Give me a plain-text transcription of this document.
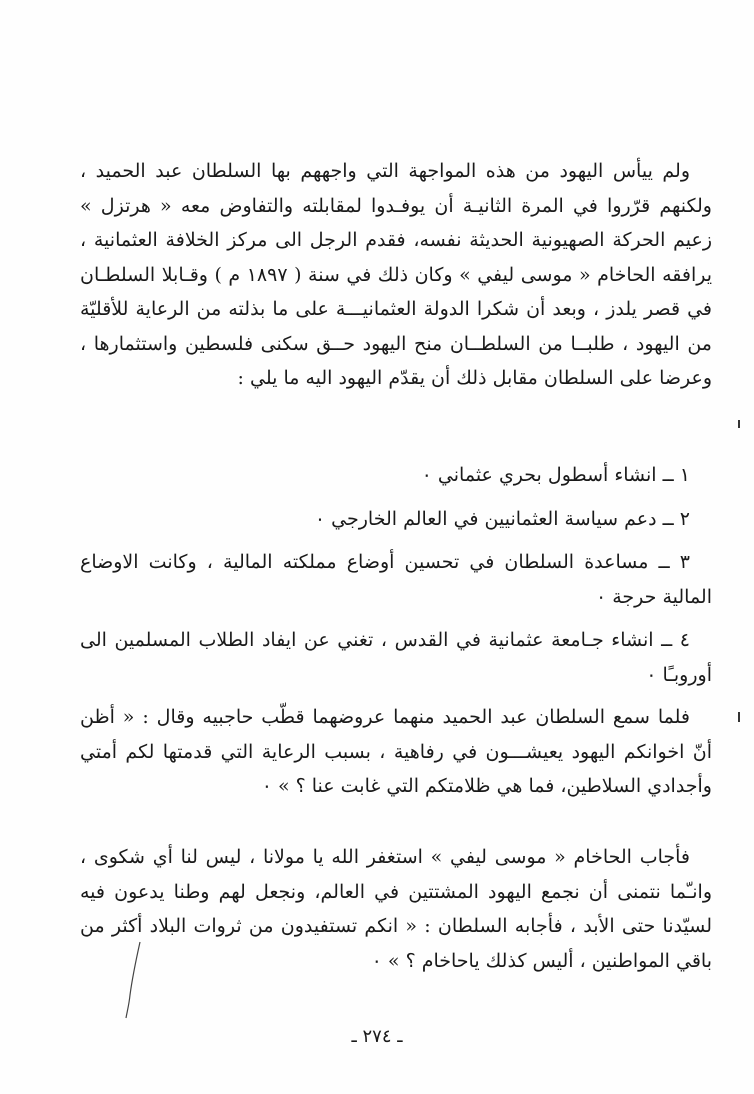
ولم ييأس اليهود من هذه المواجهة التي واجههم بها السلطان عبد الحميد ، ولكنهم قرّروا في المرة الثانيـة أن يوفـدوا لمقابلته والتفاوض معه « هرتزل » زعيم الحركة الصهيونية الحديثة نفسه، فقدم الرجل الى مركز الخلافة العثمانية ، يرافقه الحاخام « موسى ليفي » وكان ذلك في سنة ( ١٨٩٧ م ) وقـابلا السلطـان في قصر يلدز ، وبعد أن شكرا الدولة العثمانيـــة على ما بذلته من الرعاية للأقليّة من اليهود ، طلبــا من السلطــان منح اليهود حــق سكنى فلسطين واستثمارها ، وعرضا على السلطان مقابل ذلك أن يقدّم اليهود اليه ما يلي :

١ ــ انشاء أسطول بحري عثماني ٠

٢ ــ دعم سياسة العثمانيين في العالم الخارجي ٠

٣ ــ مساعدة السلطان في تحسين أوضاع مملكته المالية ، وكانت الاوضاع المالية حرجة ٠

٤ ــ انشاء جـامعة عثمانية في القدس ، تغني عن ايفاد الطلاب المسلمين الى أوروبـًا ٠

فلما سمع السلطان عبد الحميد منهما عروضهما قطّب حاجبيه وقال : « أظن أنّ اخوانكم اليهود يعيشـــون في رفاهية ، بسبب الرعاية التي قدمتها لكم أمتي وأجدادي السلاطين، فما هي ظلامتكم التي غابت عنا ؟ » ٠

فأجاب الحاخام « موسى ليفي » استغفر الله يا مولانا ، ليس لنا أي شكوى ، وانـّما نتمنى أن نجمع اليهود المشتتين في العالم، ونجعل لهم وطنا يدعون فيه لسيّدنا حتى الأبد ، فأجابه السلطان : « انكم تستفيدون من ثروات البلاد أكثر من باقي المواطنين ، أليس كذلك ياحاخام ؟ » ٠

ـ ٢٧٤ ـ
